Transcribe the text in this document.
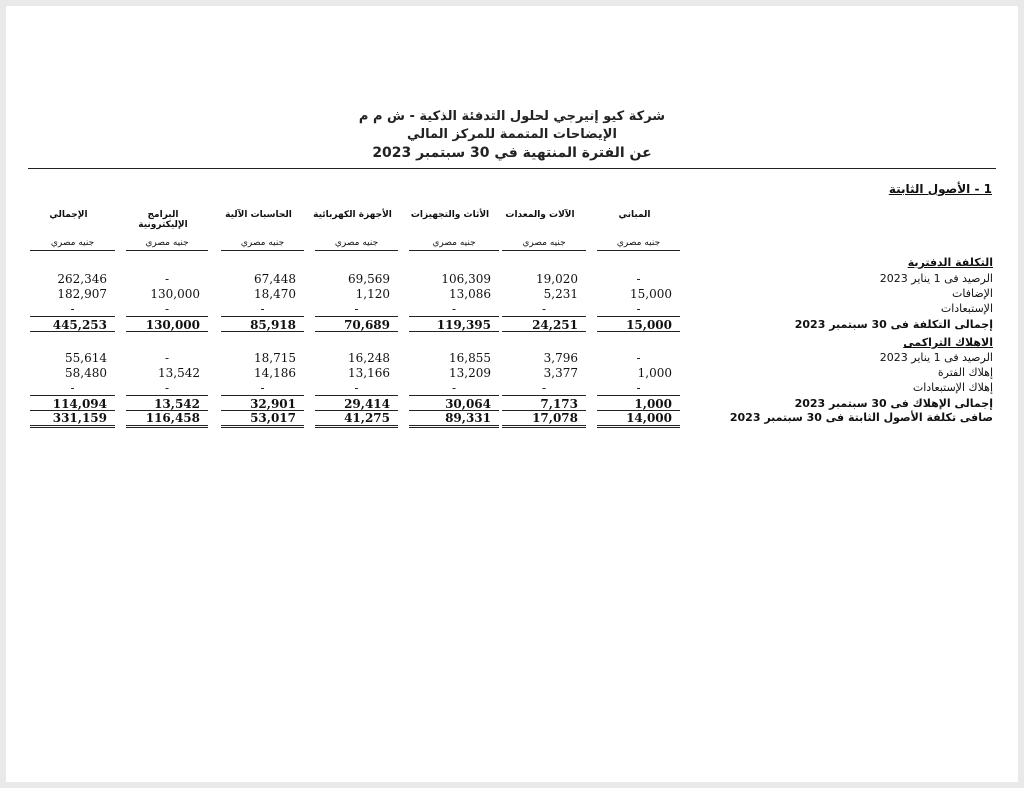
شركة كيو إنيرجي لحلول التدفئة الذكية - ش م م
الإيضاحات المتممة للمركز المالي
عن الفترة المنتهية في 30 سبتمبر 2023
1 - الأصول الثابتة
المباني
جنيه مصري
الآلات والمعدات
جنيه مصري
الأثاث والتجهيزات
جنيه مصري
الأجهزة الكهربائية
جنيه مصري
الحاسبات الآلية
جنيه مصري
البرامج الإليكترونية
جنيه مصري
الإجمالي
جنيه مصري
التكلفة الدفترية
الرصيد فى 1 يناير 2023
-
19,020
106,309
69,569
67,448
-
262,346
الإضافات
15,000
5,231
13,086
1,120
18,470
130,000
182,907
الإستبعادات
-
-
-
-
-
-
-
إجمالى التكلفة فى 30 سبتمبر 2023
15,000
24,251
119,395
70,689
85,918
130,000
445,253
الاهلاك التراكمى
الرصيد فى 1 يناير 2023
-
3,796
16,855
16,248
18,715
-
55,614
إهلاك الفترة
1,000
3,377
13,209
13,166
14,186
13,542
58,480
إهلاك الإستبعادات
-
-
-
-
-
-
-
إجمالى الإهلاك فى 30 سبتمبر 2023
1,000
7,173
30,064
29,414
32,901
13,542
114,094
صافى تكلفة الأصول الثابتة فى 30 سبتمبر 2023
14,000
17,078
89,331
41,275
53,017
116,458
331,159
